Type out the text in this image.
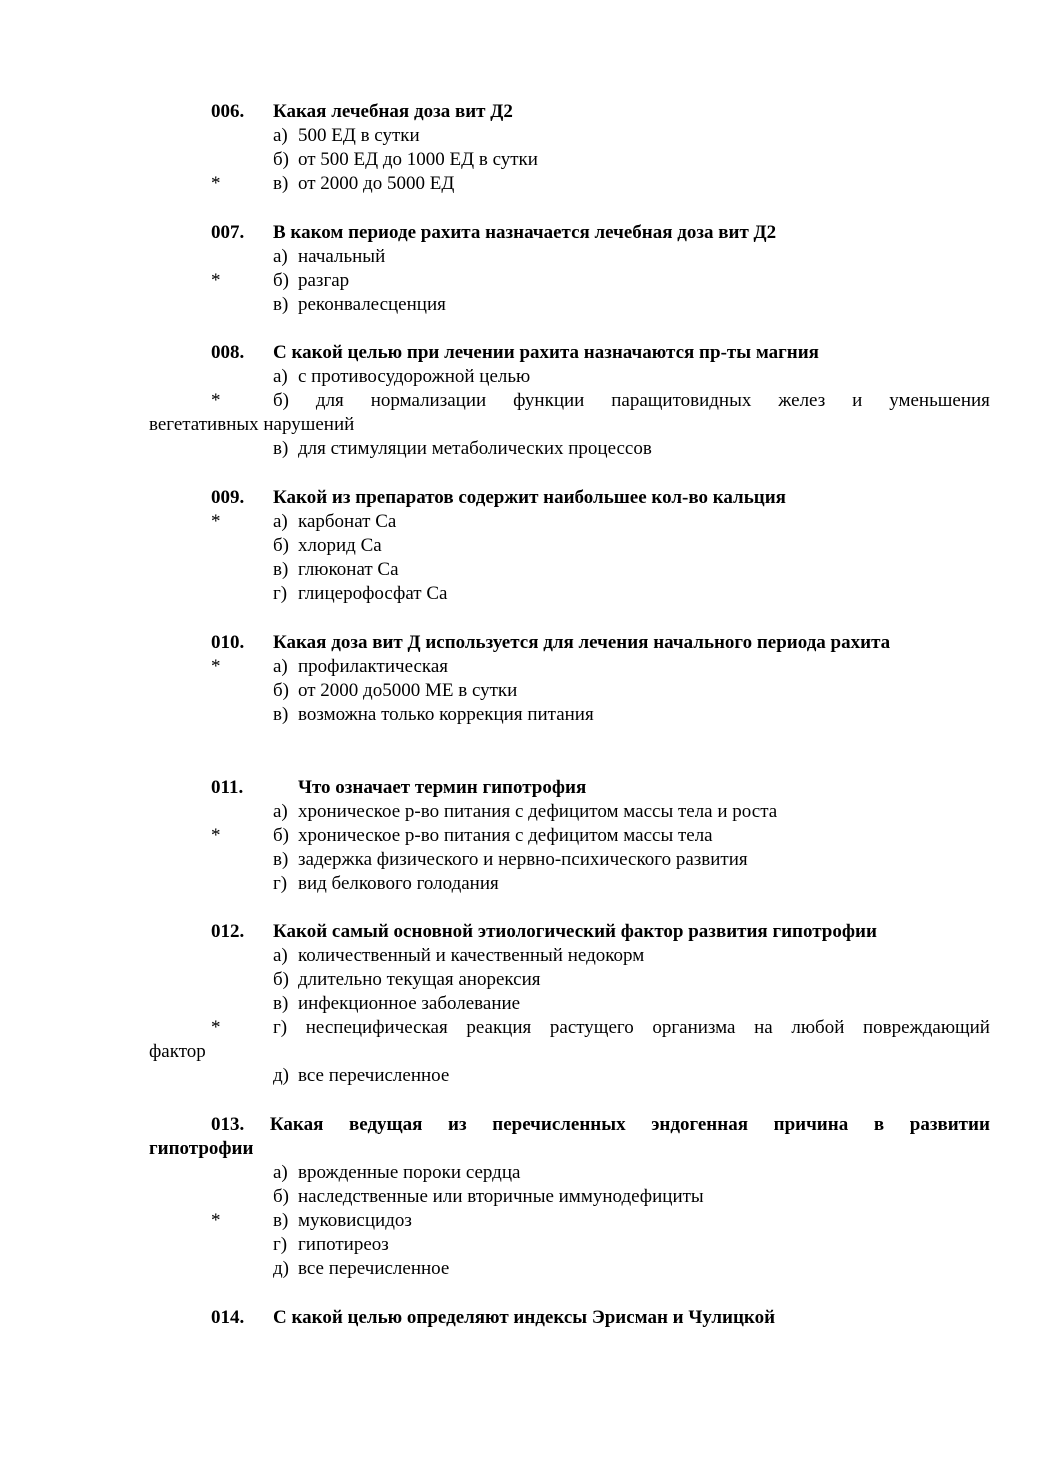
006. Какая лечебная доза вит Д2
а) 500 ЕД в сутки
б) от 500 ЕД до 1000 ЕД в сутки
*	в) от 2000 до 5000 ЕД
007. В каком периоде рахита назначается лечебная доза вит Д2
а) начальный
*	б) разгар
в) реконвалесценция
008. С какой целью при лечении рахита назначаются пр-ты магния
а) с противосудорожной целью
*	б) для нормализации функции паращитовидных желез и уменьшения
вегетативных нарушений
в) для стимуляции метаболических процессов
009. Какой из препаратов содержит наибольшее кол-во кальция
*	а) карбонат Са
б) хлорид Са
в) глюконат Са
г) глицерофосфат Са
010. Какая доза вит Д используется для лечения начального периода рахита
*	а) профилактическая
б) от 2000 до5000 МЕ в сутки
в) возможна только коррекция питания
011.	Что означает термин гипотрофия
а) хроническое р-во питания с дефицитом массы тела и роста
*	б) хроническое р-во питания с дефицитом массы тела
в) задержка физического и нервно-психического развития
г) вид белкового голодания
012. Какой самый основной этиологический фактор развития гипотрофии
а) количественный и качественный недокорм
б) длительно текущая анорексия
в) инфекционное заболевание
*	г) неспецифическая реакция растущего организма на любой повреждающий
фактор
д) все перечисленное
013. Какая ведущая из перечисленных эндогенная причина в развитии
гипотрофии
а) врожденные пороки сердца
б) наследственные или вторичные иммунодефициты
*	в) муковисцидоз
г) гипотиреоз
д) все перечисленное
014. С какой целью определяют индексы Эрисман и Чулицкой
